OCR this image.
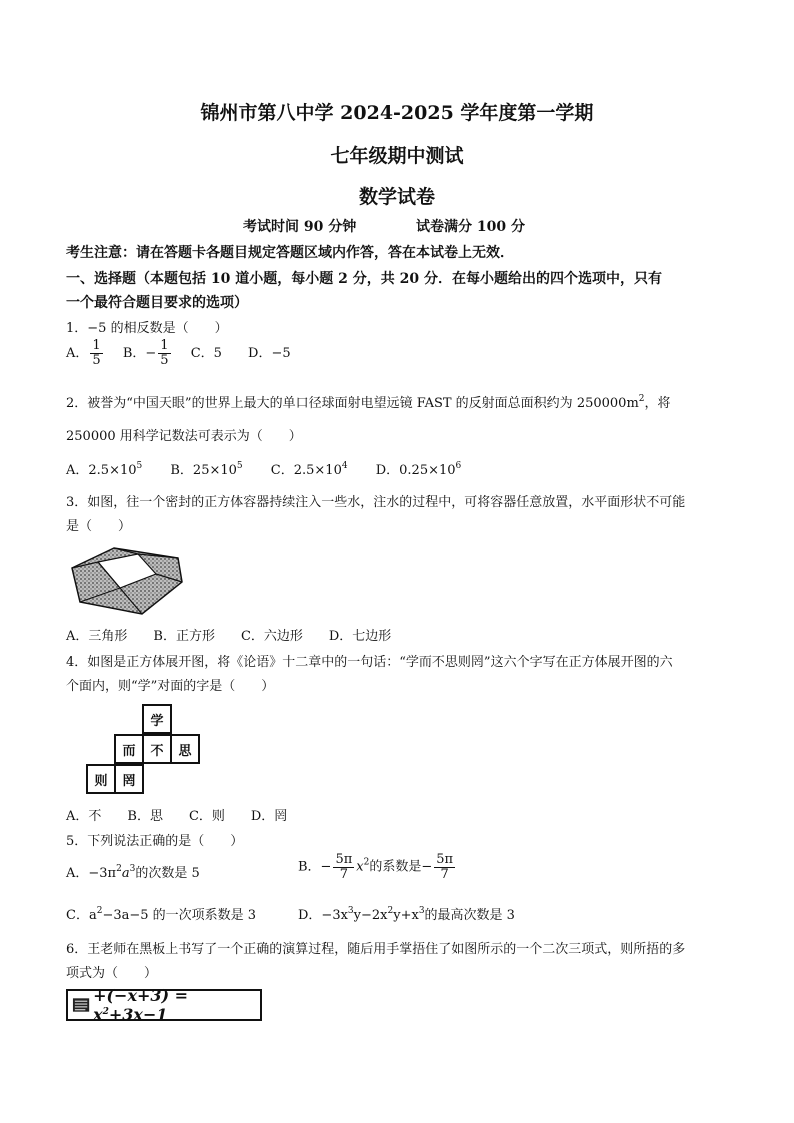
锦州市第八中学 2024-2025 学年度第一学期
七年级期中测试
数学试卷
考试时间 90 分钟	试卷满分 100 分
考生注意：请在答题卡各题目规定答题区域内作答，答在本试卷上无效．
一、选择题（本题包括 10 道小题，每小题 2 分，共 20 分．在每小题给出的四个选项中，只有
一个最符合题目要求的选项）
1．−5 的相反数是（　　）
A． $\frac{1}{5}$ B．− $\frac{1}{5}$ C．5 D．−5
2．被誉为“中国天眼”的世界上最大的单口径球面射电望远镜 FAST 的反射面总面积约为 $250000m^2$，将
250000 用科学记数法可表示为（　　）
A．$2.5\times 10^5$ B．$25\times 10^5$ C．$2.5\times 10^4$ D．$0.25\times 10^6$
3．如图，往一个密封的正方体容器持续注入一些水，注水的过程中，可将容器任意放置，水平面形状不可能
是（　　）
A．三角形　　B．正方形　　C．六边形　　D．七边形
4．如图是正方体展开图，将《论语》十二章中的一句话：“学而不思则罔”这六个字写在正方体展开图的六
个面内，则“学”对面的字是（　　）
学
而	不	思
则	罔
A．不　　B．思　　C．则　　D．罔
5．下列说法正确的是（　　）
A．$-3\pi^2a^3$的次数是 5	B．− $\frac{5\pi}{7} x^2$的系数是− $\frac{5\pi}{7}$
C．$a^2-3a-5$ 的一次项系数是 3	D．$-3x^3y-2x^2y+x^3$的最高次数是 3
6．王老师在黑板上书写了一个正确的演算过程，随后用手掌捂住了如图所示的一个二次三项式，则所捂的多
项式为（　　）
$+(-x+3) = x^2+3x-1$
